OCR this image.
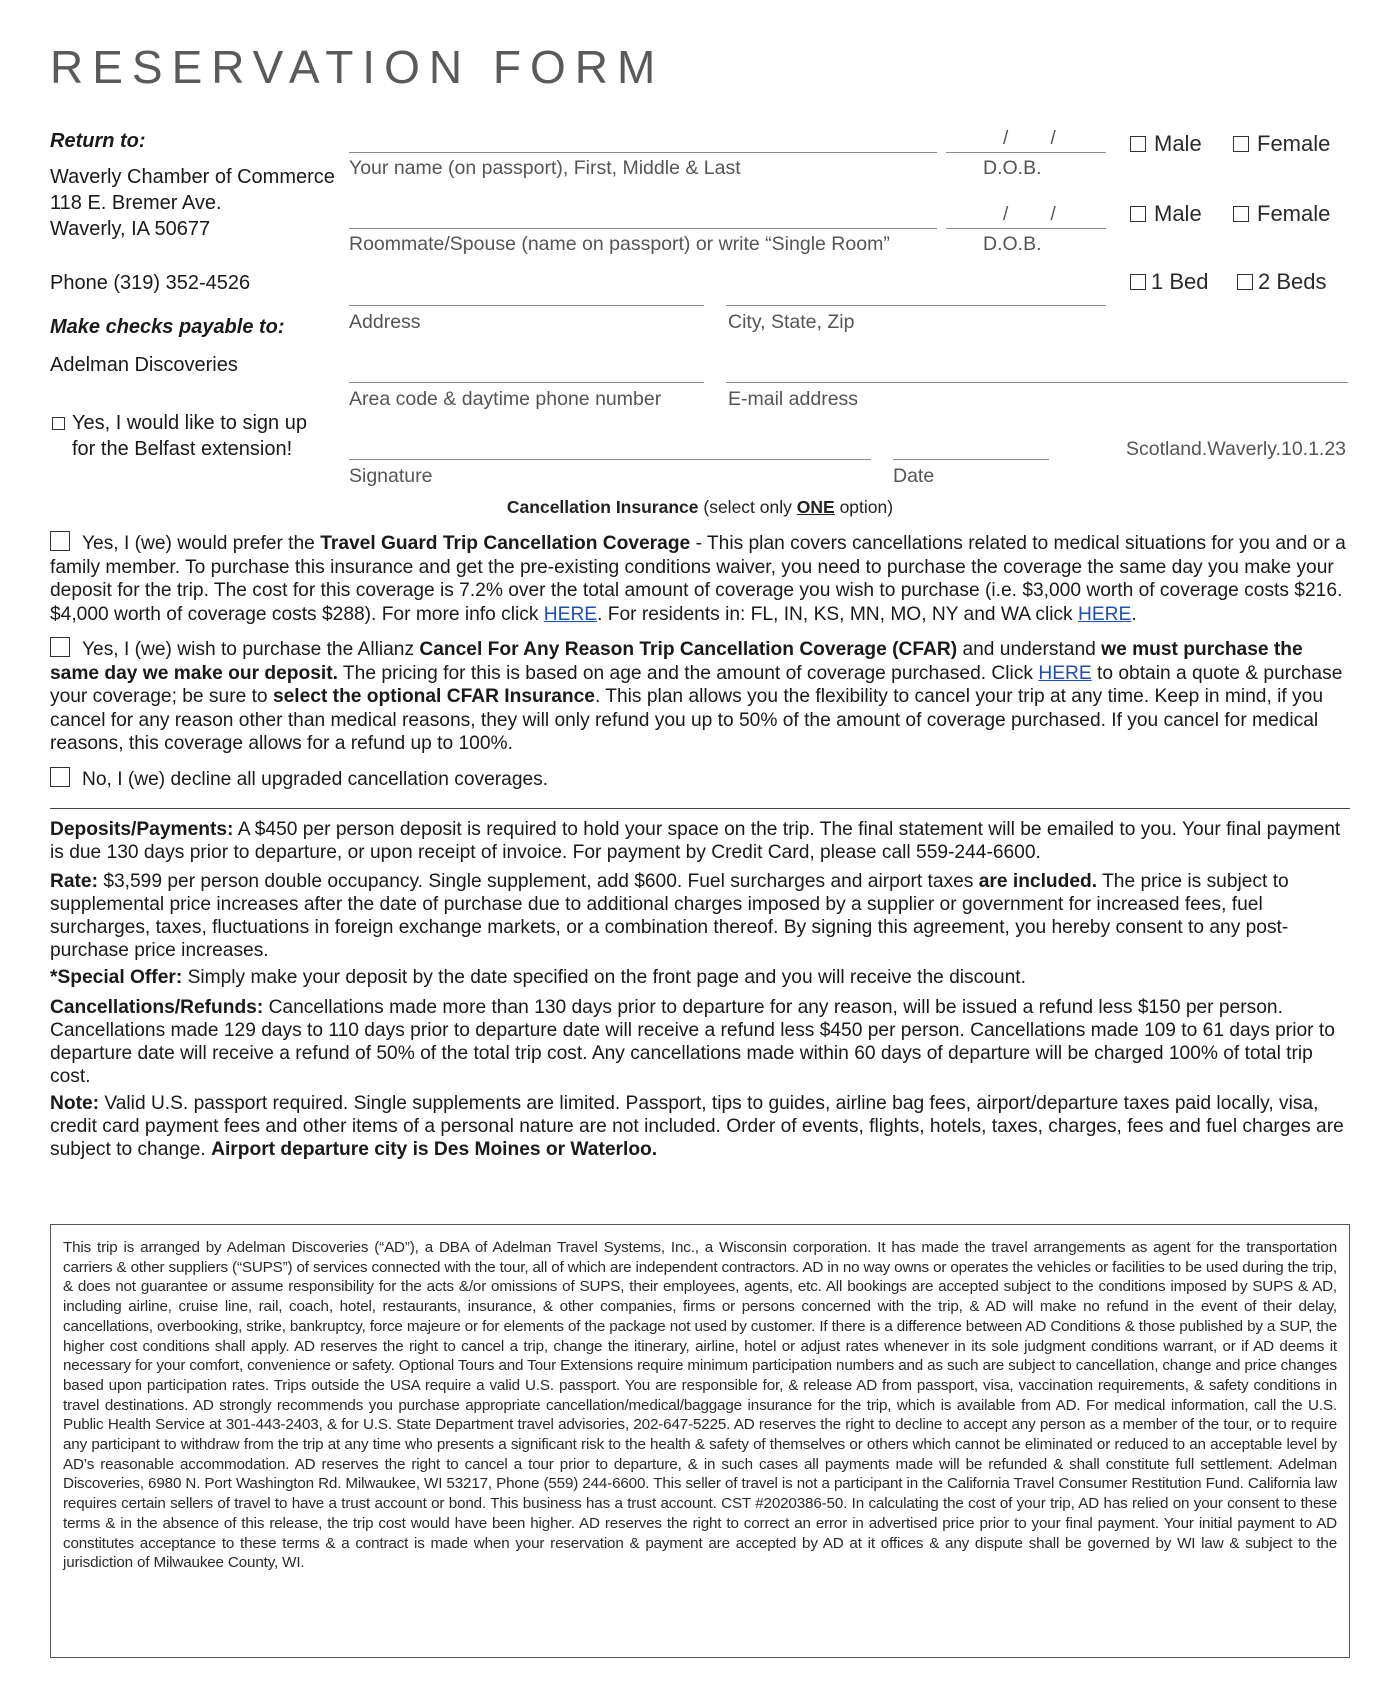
RESERVATION FORM
Return to:
Waverly Chamber of Commerce
118 E. Bremer Ave.
Waverly, IA 50677
Phone (319) 352-4526
Make checks payable to:
Adelman Discoveries
Yes, I would like to sign up
for the Belfast extension!
/        /
Your name (on passport), First, Middle & Last	D.O.B.
Male	Female
/        /
Roommate/Spouse (name on passport) or write “Single Room”	D.O.B.
Male	Female
Address	City, State, Zip
1 Bed 2 Beds
Area code & daytime phone number	E-mail address
Signature	Date
Scotland.Waverly.10.1.23
Cancellation Insurance (select only ONE option)
Yes, I (we) would prefer the Travel Guard Trip Cancellation Coverage - This plan covers cancellations related to medical situations for you and or a family member. To purchase this insurance and get the pre-existing conditions waiver, you need to purchase the coverage the same day you make your deposit for the trip. The cost for this coverage is 7.2% over the total amount of coverage you wish to purchase (i.e. $3,000 worth of coverage costs $216. $4,000 worth of coverage costs $288). For more info click HERE. For residents in: FL, IN, KS, MN, MO, NY and WA click HERE.
Yes, I (we) wish to purchase the Allianz Cancel For Any Reason Trip Cancellation Coverage (CFAR) and understand we must purchase the same day we make our deposit. The pricing for this is based on age and the amount of coverage purchased. Click HERE to obtain a quote & purchase your coverage; be sure to select the optional CFAR Insurance. This plan allows you the flexibility to cancel your trip at any time. Keep in mind, if you cancel for any reason other than medical reasons, they will only refund you up to 50% of the amount of coverage purchased. If you cancel for medical reasons, this coverage allows for a refund up to 100%.
No, I (we) decline all upgraded cancellation coverages.
Deposits/Payments: A $450 per person deposit is required to hold your space on the trip. The final statement will be emailed to you. Your final payment is due 130 days prior to departure, or upon receipt of invoice. For payment by Credit Card, please call 559-244-6600.
Rate: $3,599 per person double occupancy. Single supplement, add $600. Fuel surcharges and airport taxes are included. The price is subject to supplemental price increases after the date of purchase due to additional charges imposed by a supplier or government for increased fees, fuel surcharges, taxes, fluctuations in foreign exchange markets, or a combination thereof. By signing this agreement, you hereby consent to any post-purchase price increases.
*Special Offer: Simply make your deposit by the date specified on the front page and you will receive the discount.
Cancellations/Refunds: Cancellations made more than 130 days prior to departure for any reason, will be issued a refund less $150 per person. Cancellations made 129 days to 110 days prior to departure date will receive a refund less $450 per person. Cancellations made 109 to 61 days prior to departure date will receive a refund of 50% of the total trip cost. Any cancellations made within 60 days of departure will be charged 100% of total trip cost.
Note: Valid U.S. passport required. Single supplements are limited. Passport, tips to guides, airline bag fees, airport/departure taxes paid locally, visa, credit card payment fees and other items of a personal nature are not included. Order of events, flights, hotels, taxes, charges, fees and fuel charges are subject to change. Airport departure city is Des Moines or Waterloo.

This trip is arranged by Adelman Discoveries (“AD”), a DBA of Adelman Travel Systems, Inc., a Wisconsin corporation. It has made the travel arrangements as agent for the transportation carriers & other suppliers (“SUPS”) of services connected with the tour, all of which are independent contractors. AD in no way owns or operates the vehicles or facilities to be used during the trip, & does not guarantee or assume responsibility for the acts &/or omissions of SUPS, their employees, agents, etc. All bookings are accepted subject to the conditions imposed by SUPS & AD, including airline, cruise line, rail, coach, hotel, restaurants, insurance, & other companies, firms or persons concerned with the trip, & AD will make no refund in the event of their delay, cancellations, overbooking, strike, bankruptcy, force majeure or for elements of the package not used by customer. If there is a difference between AD Conditions & those published by a SUP, the higher cost conditions shall apply. AD reserves the right to cancel a trip, change the itinerary, airline, hotel or adjust rates whenever in its sole judgment conditions warrant, or if AD deems it necessary for your comfort, convenience or safety. Optional Tours and Tour Extensions require minimum participation numbers and as such are subject to cancellation, change and price changes based upon participation rates. Trips outside the USA require a valid U.S. passport. You are responsible for, & release AD from passport, visa, vaccination requirements, & safety conditions in travel destinations. AD strongly recommends you purchase appropriate cancellation/medical/baggage insurance for the trip, which is available from AD. For medical information, call the U.S. Public Health Service at 301-443-2403, & for U.S. State Department travel advisories, 202-647-5225. AD reserves the right to decline to accept any person as a member of the tour, or to require any participant to withdraw from the trip at any time who presents a significant risk to the health & safety of themselves or others which cannot be eliminated or reduced to an acceptable level by AD’s reasonable accommodation. AD reserves the right to cancel a tour prior to departure, & in such cases all payments made will be refunded & shall constitute full settlement. Adelman Discoveries, 6980 N. Port Washington Rd. Milwaukee, WI 53217, Phone (559) 244-6600. This seller of travel is not a participant in the California Travel Consumer Restitution Fund. California law requires certain sellers of travel to have a trust account or bond. This business has a trust account. CST #2020386-50. In calculating the cost of your trip, AD has relied on your consent to these terms & in the absence of this release, the trip cost would have been higher. AD reserves the right to correct an error in advertised price prior to your final payment. Your initial payment to AD constitutes acceptance to these terms & a contract is made when your reservation & payment are accepted by AD at it offices & any dispute shall be governed by WI law & subject to the jurisdiction of Milwaukee County, WI.
